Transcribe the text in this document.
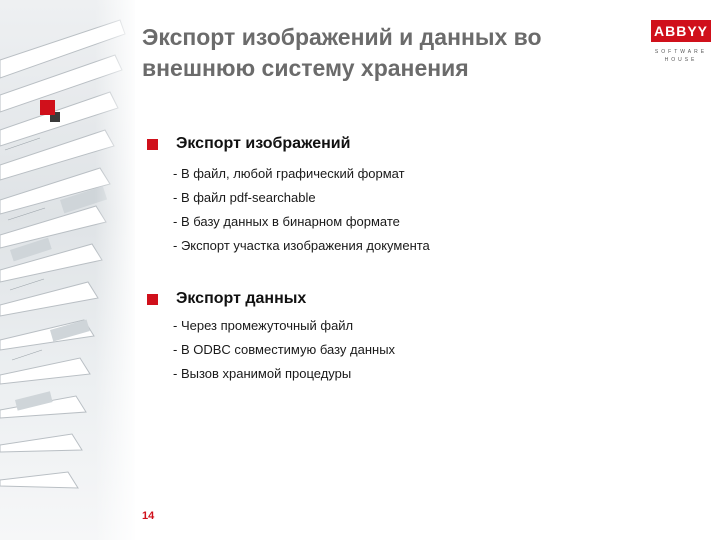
Экспорт изображений и данных во внешнюю систему хранения
ABBYY
SOFTWARE HOUSE
Экспорт изображений
- В файл, любой графический формат
- В файл pdf-searchable
- В базу данных в бинарном формате
- Экспорт участка изображения документа
Экспорт данных
- Через промежуточный файл
- В ODBC совместимую базу данных
- Вызов хранимой процедуры
14
